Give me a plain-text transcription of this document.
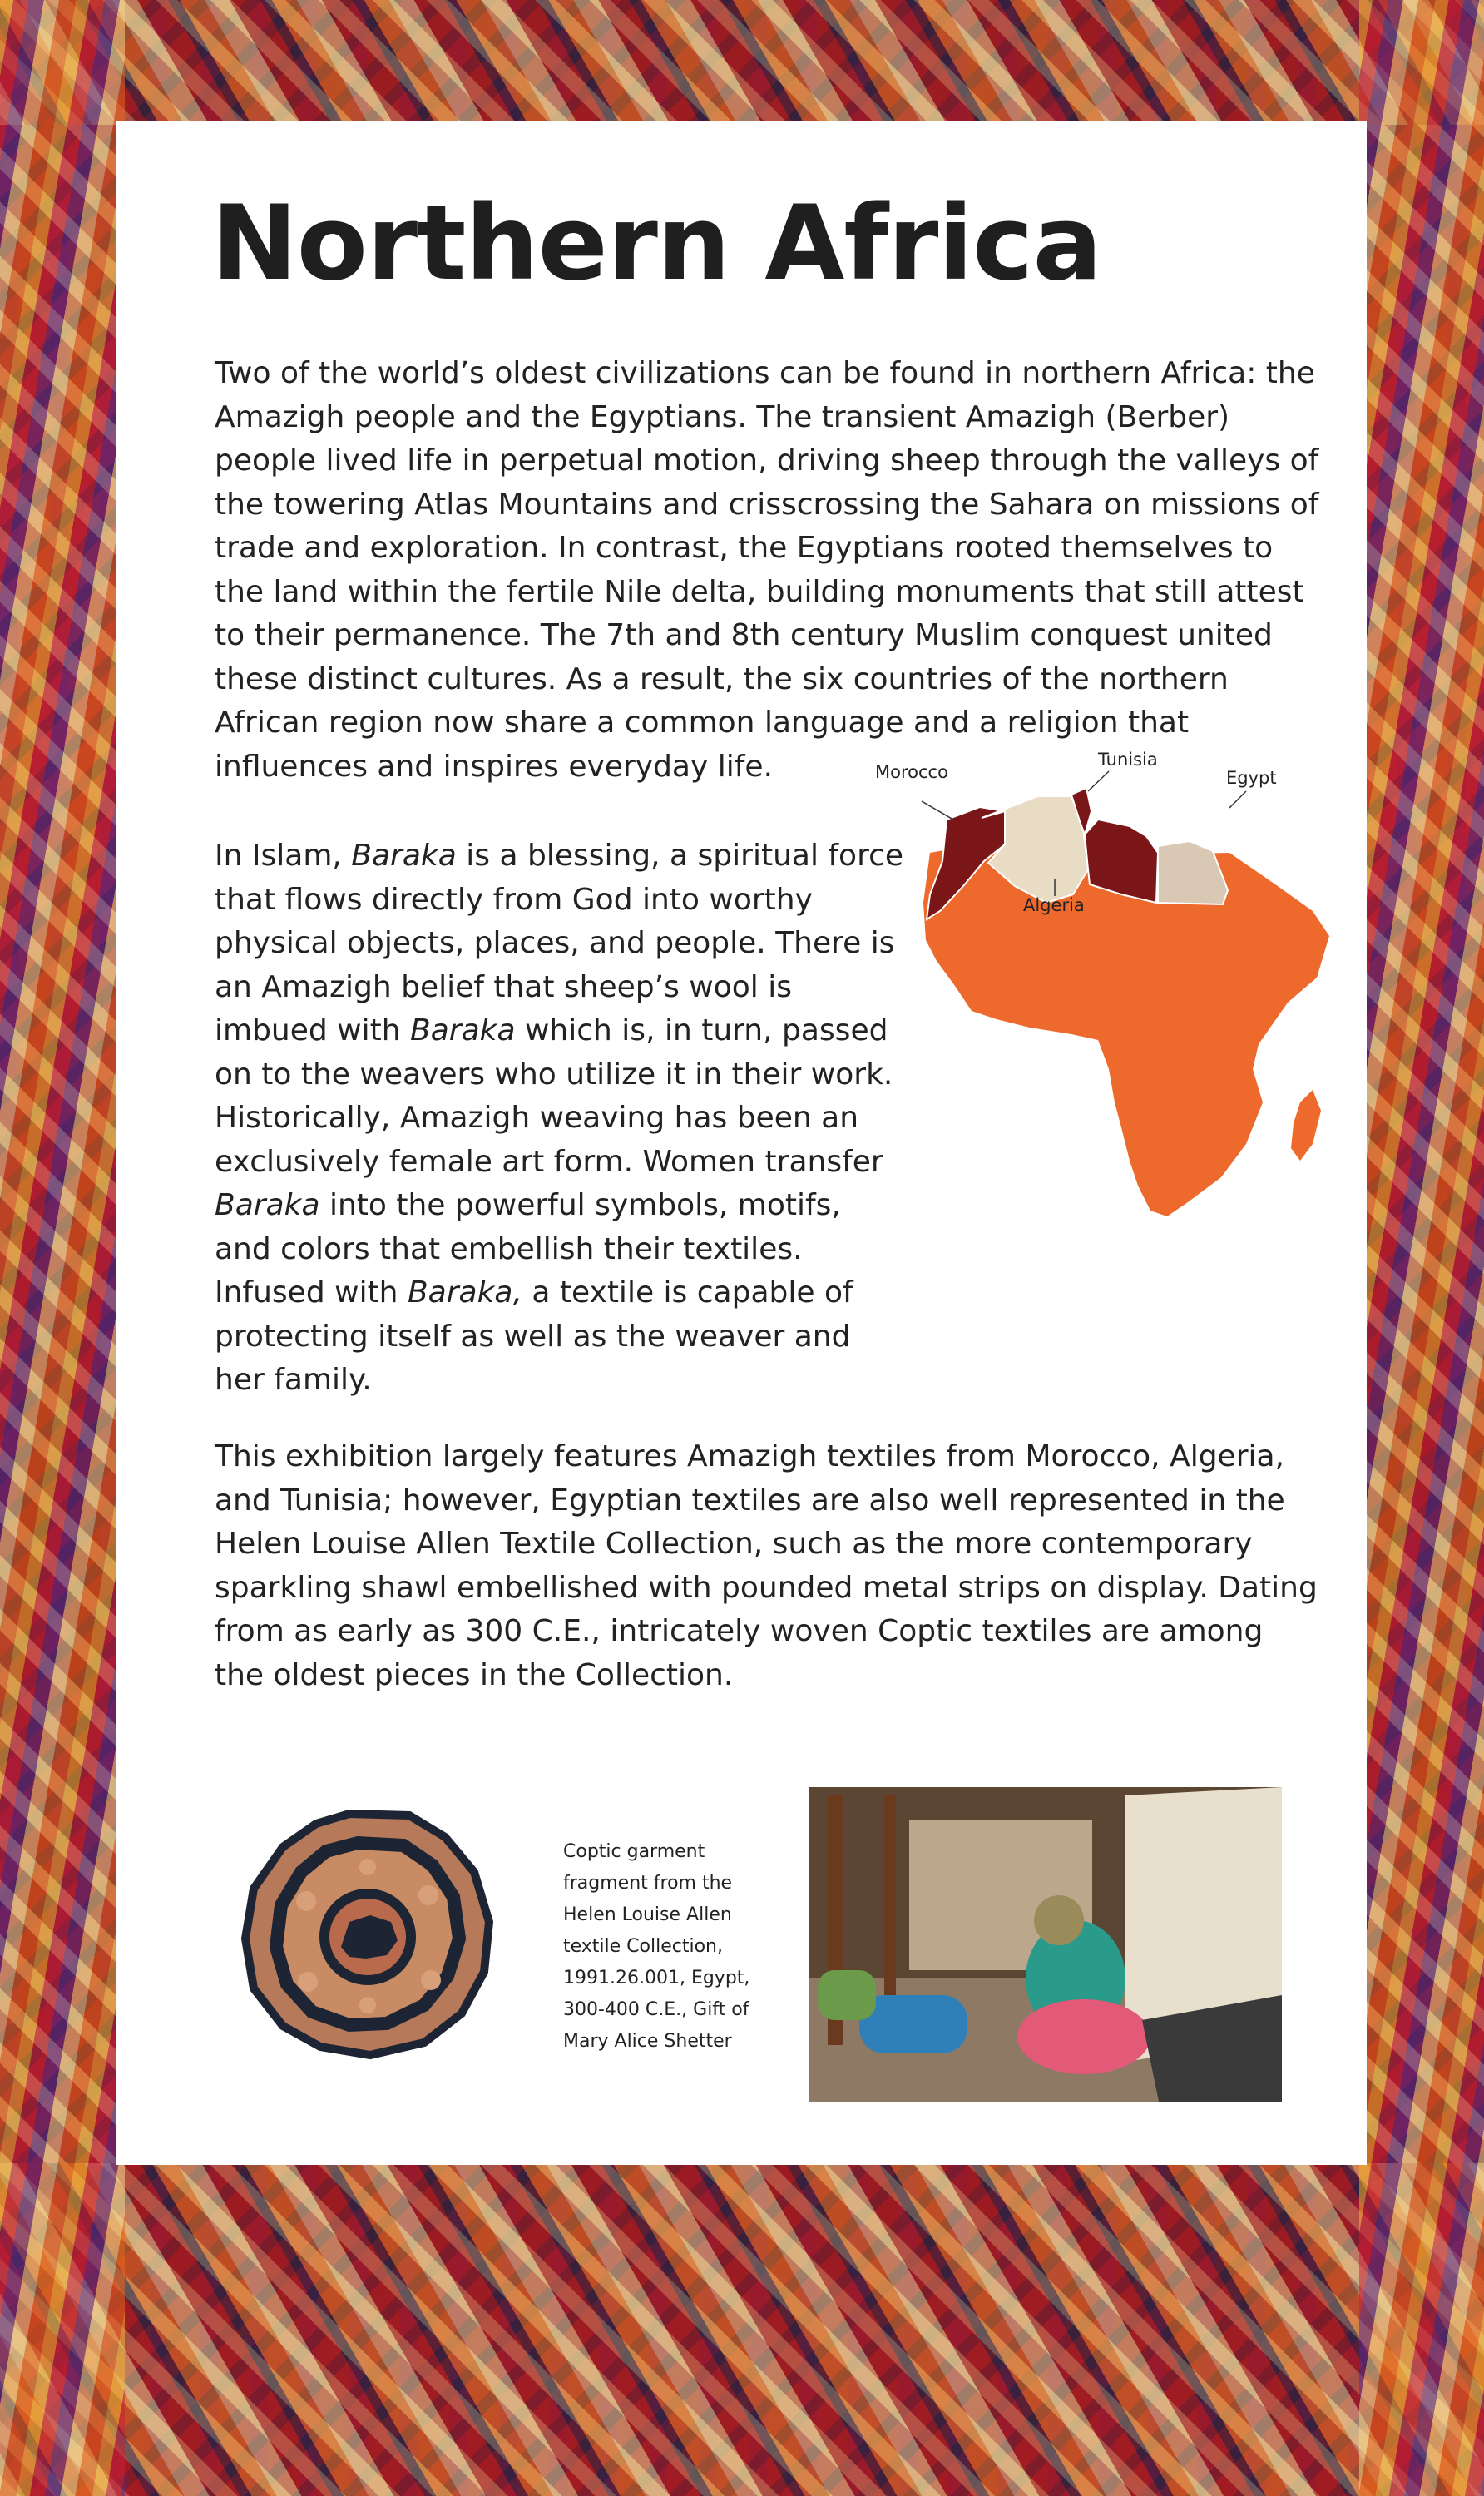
Northern Africa

Two of the world’s oldest civilizations can be found in northern Africa: the Amazigh people and the Egyptians. The transient Amazigh (Berber) people lived life in perpetual motion, driving sheep through the valleys of the towering Atlas Mountains and crisscrossing the Sahara on missions of trade and exploration. In contrast, the Egyptians rooted themselves to the land within the fertile Nile delta, building monuments that still attest to their permanence. The 7th and 8th century Muslim conquest united these distinct cultures. As a result, the six countries of the northern African region now share a common language and a religion that influences and inspires everyday life.

In Islam, Baraka is a blessing, a spiritual force that flows directly from God into worthy physical objects, places, and people. There is an Amazigh belief that sheep’s wool is imbued with Baraka which is, in turn, passed on to the weavers who utilize it in their work. Historically, Amazigh weaving has been an exclusively female art form. Women transfer Baraka into the powerful symbols, motifs, and colors that embellish their textiles. Infused with Baraka, a textile is capable of protecting itself as well as the weaver and her family.

Morocco
Tunisia
Egypt
Algeria

This exhibition largely features Amazigh textiles from Morocco, Algeria, and Tunisia; however, Egyptian textiles are also well represented in the Helen Louise Allen Textile Collection, such as the more contemporary sparkling shawl embellished with pounded metal strips on display. Dating from as early as 300 C.E., intricately woven Coptic textiles are among the oldest pieces in the Collection.

Coptic garment fragment from the Helen Louise Allen textile Collection, 1991.26.001, Egypt, 300-400 C.E., Gift of Mary Alice Shetter
